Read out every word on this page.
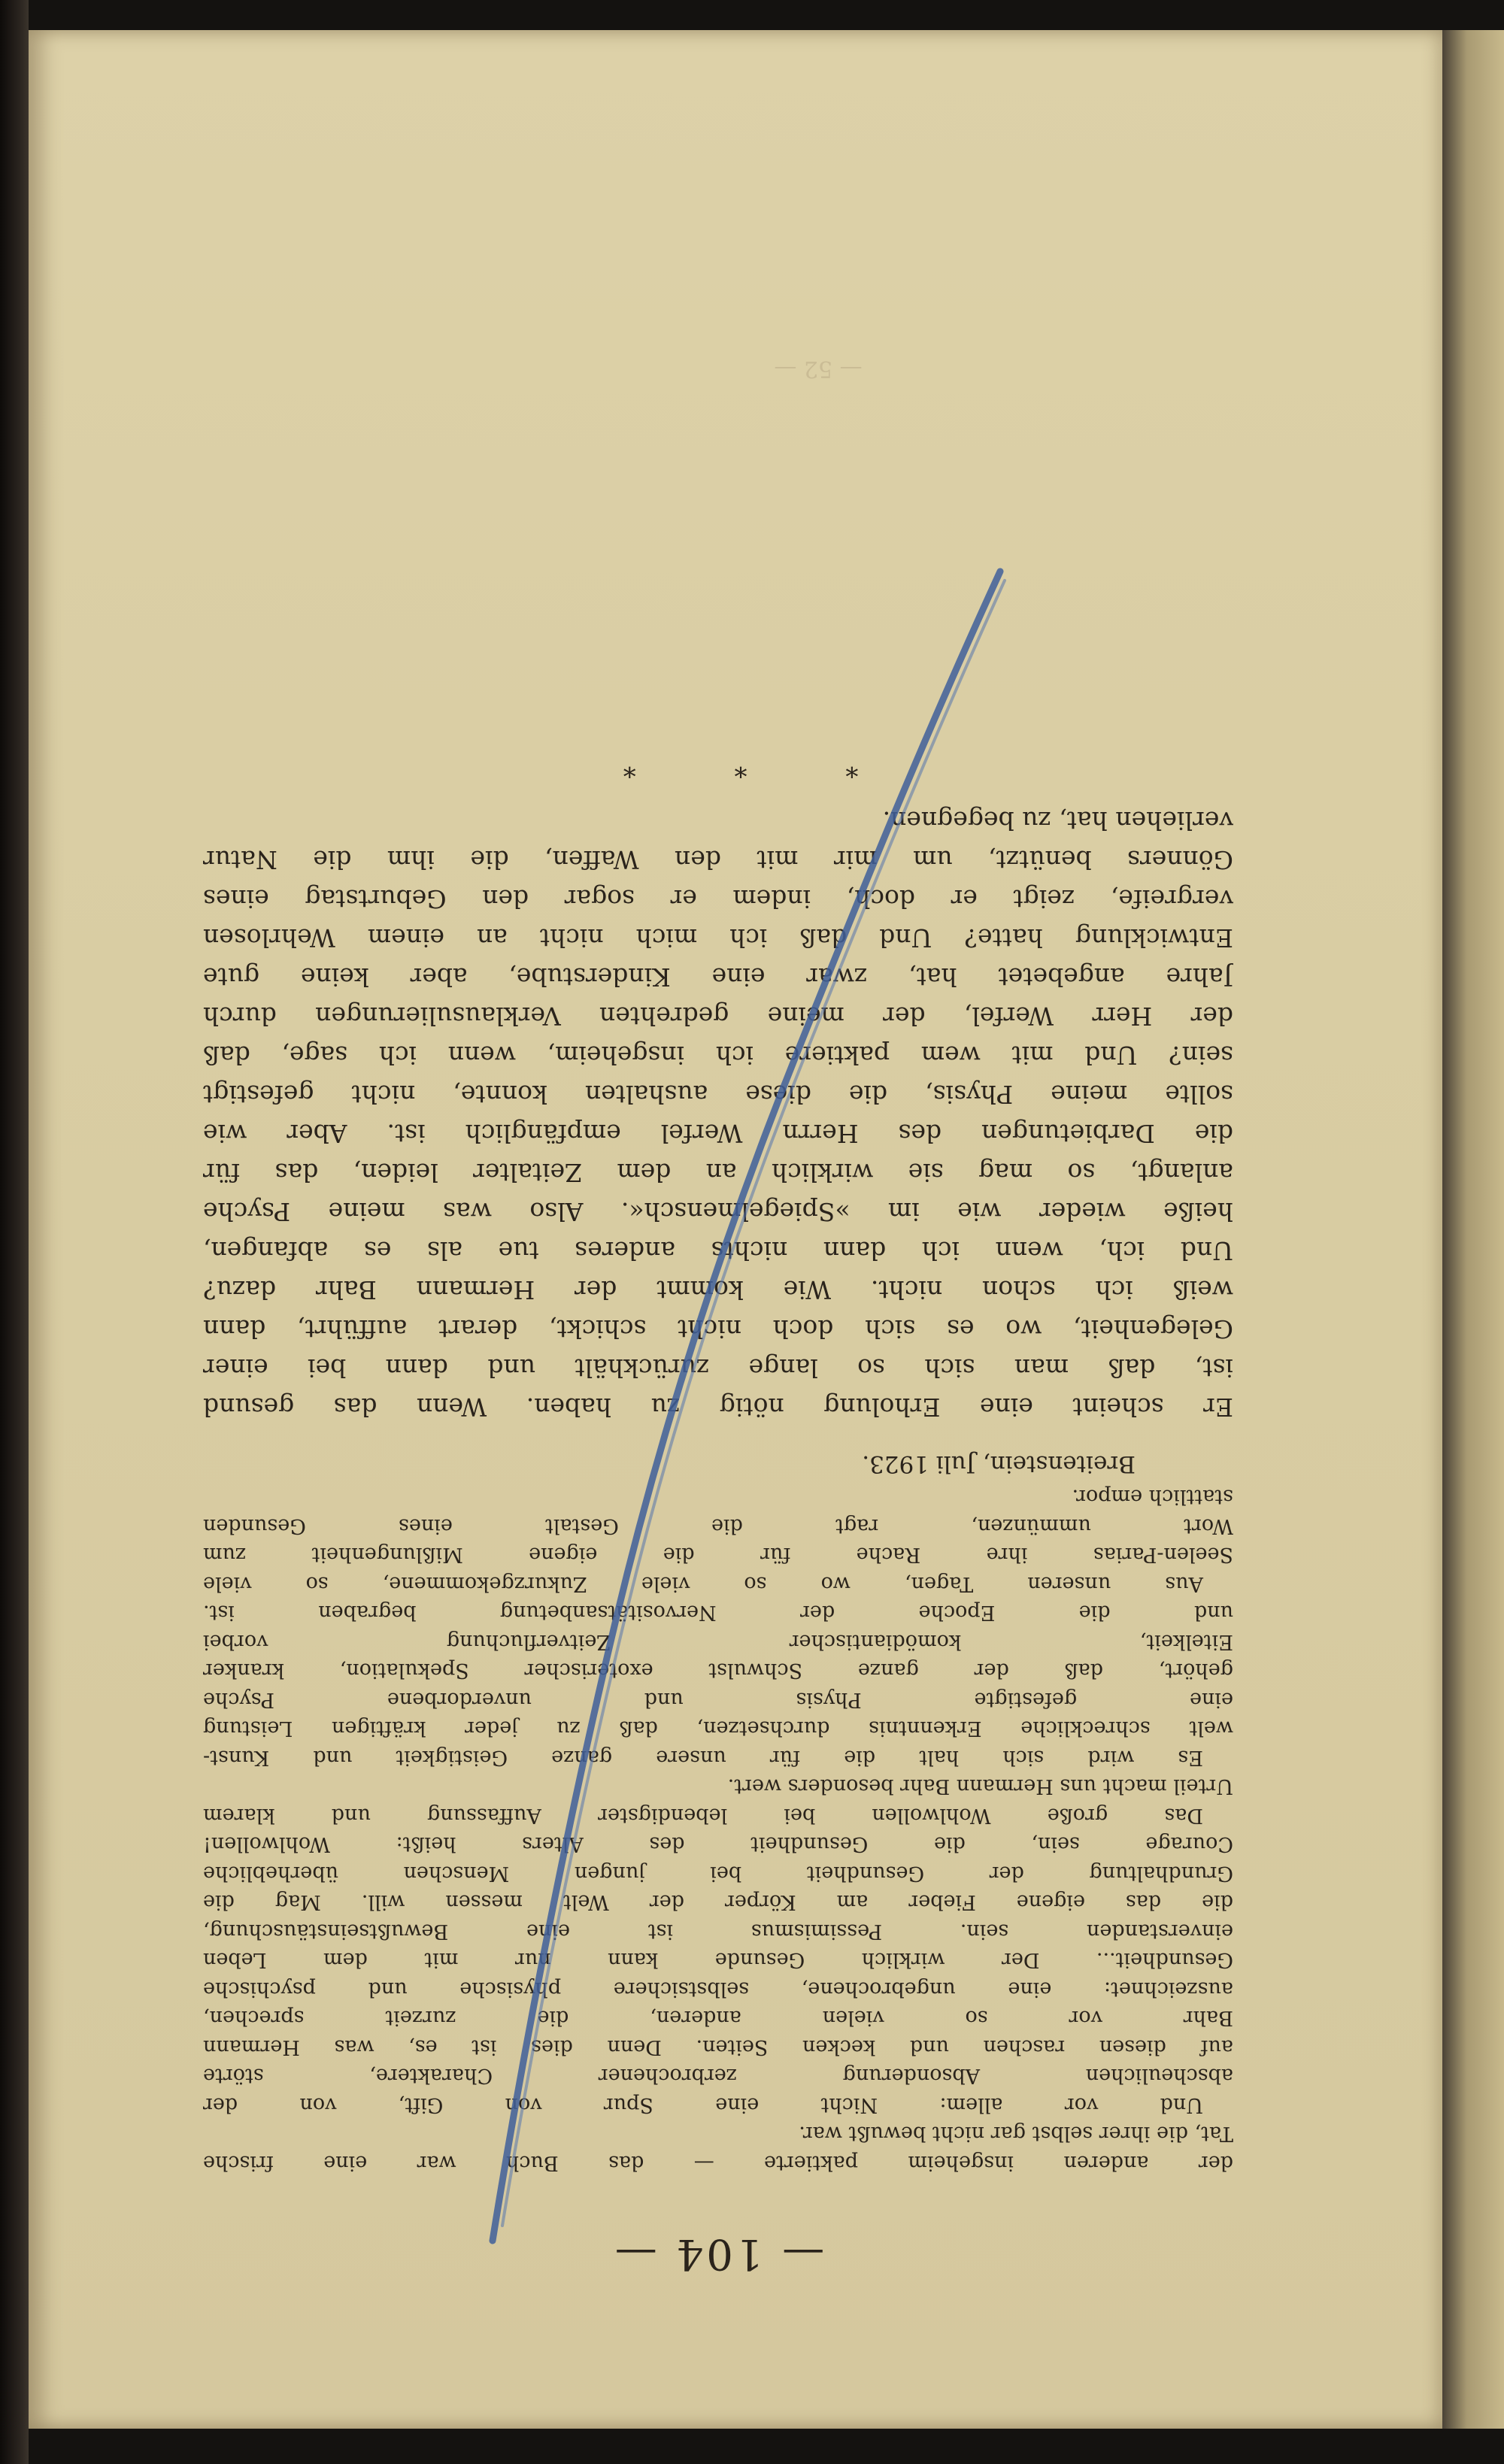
— 52 —
— 104 —
der anderen insgeheim paktierte — das Buch war eine frische
Tat, die ihrer selbst gar nicht bewußt war.
Und vor allem: Nicht eine Spur von Gift, von der
abscheulichen Absonderung zerbrochener Charaktere, störte
auf diesen raschen und kecken Seiten. Denn dies ist es, was Hermann
Bahr vor so vielen anderen, die zurzeit sprechen,
auszeichnet: eine ungebrochene, selbstsichere physische und psychische
Gesundheit... Der wirklich Gesunde kann nur mit dem Leben
einverstanden sein. Pessimismus ist eine Bewußtseinstäuschung,
die das eigene Fieber am Körper der Welt messen will. Mag die
Grundhaltung der Gesundheit bei jungen Menschen überhebliche
Courage sein, die Gesundheit des Alters heißt: Wohlwollen!
Das große Wohlwollen bei lebendigster Auffassung und klarem
Urteil macht uns Hermann Bahr besonders wert.
Es wird sich halt die für unsere ganze Geistigkeit und Kunst-
welt schreckliche Erkenntnis durchsetzen, daß zu jeder kräftigen Leistung
eine gefestigte Physis und unverdorbene Psyche
gehört, daß der ganze Schwulst exoterischer Spekulation, kranker
Eitelkeit, komödiantischer Zeitverfluchung vorbei
und die Epoche der Nervositätsanbetung begraben ist.
Aus unseren Tagen, wo so viele Zukurzgekommene, so viele
Seelen-Parias ihre Rache für die eigene Mißlungenheit zum
Wort ummünzen, ragt die Gestalt eines Gesunden
stattlich empor.
Breitenstein, Juli 1923.
Er scheint eine Erholung nötig zu haben. Wenn das gesund
ist, daß man sich so lange zurückhält und dann bei einer
Gelegenheit, wo es sich doch nicht schickt, derart aufführt, dann
weiß ich schon nicht. Wie kommt der Hermann Bahr dazu?
Und ich, wenn ich dann nichts anderes tue als es abfangen,
heiße wieder wie im »Spiegelmensch«. Also was meine Psyche
anlangt, so mag sie wirklich an dem Zeitalter leiden, das für
die Darbietungen des Herrn Werfel empfänglich ist. Aber wie
sollte meine Physis, die diese aushalten konnte, nicht gefestigt
sein? Und mit wem paktiere ich insgeheim, wenn ich sage, daß
der Herr Werfel, der meine gedrehten Verklausulierungen durch
Jahre angebetet hat, zwar eine Kinderstube, aber keine gute
Entwicklung hatte? Und daß ich mich nicht an einem Wehrlosen
vergreife, zeigt er doch, indem er sogar den Geburtstag eines
Gönners benützt, um mir mit den Waffen, die ihm die Natur
verliehen hat, zu begegnen.
* * *
